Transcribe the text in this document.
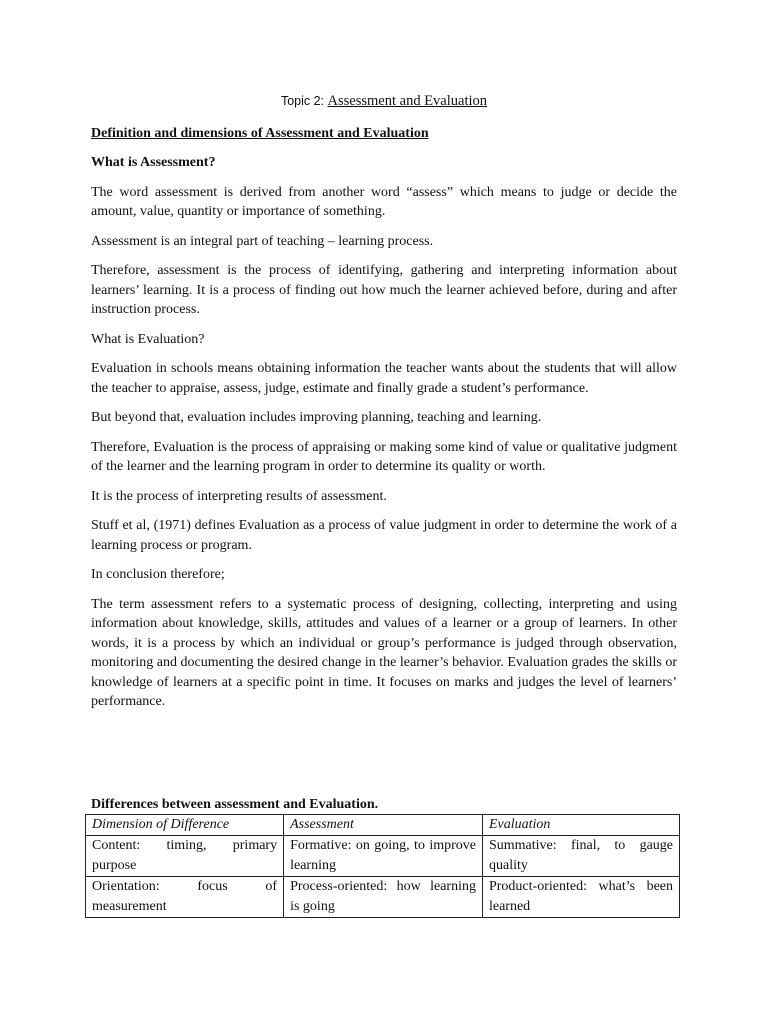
Topic 2: Assessment and Evaluation
Definition and dimensions of Assessment and Evaluation
What is Assessment?

The word assessment is derived from another word “assess” which means to judge or decide the amount, value, quantity or importance of something.

Assessment is an integral part of teaching – learning process.

Therefore, assessment is the process of identifying, gathering and interpreting information about learners’ learning. It is a process of finding out how much the learner achieved before, during and after instruction process.

What is Evaluation?

Evaluation in schools means obtaining information the teacher wants about the students that will allow the teacher to appraise, assess, judge, estimate and finally grade a student’s performance.

But beyond that, evaluation includes improving planning, teaching and learning.

Therefore, Evaluation is the process of appraising or making some kind of value or qualitative judgment of the learner and the learning program in order to determine its quality or worth.

It is the process of interpreting results of assessment.

Stuff et al, (1971) defines Evaluation as a process of value judgment in order to determine the work of a learning process or program.

In conclusion therefore;

The term assessment refers to a systematic process of designing, collecting, interpreting and using information about knowledge, skills, attitudes and values of a learner or a group of learners. In other words, it is a process by which an individual or group’s performance is judged through observation, monitoring and documenting the desired change in the learner’s behavior. Evaluation grades the skills or knowledge of learners at a specific point in time. It focuses on marks and judges the level of learners’ performance.

Differences between assessment and Evaluation.
Dimension of Difference	Assessment	Evaluation
Content: timing, primary purpose	Formative: on going, to improve learning	Summative: final, to gauge quality
Orientation: focus of measurement	Process-oriented: how learning is going	Product-oriented: what’s been learned
